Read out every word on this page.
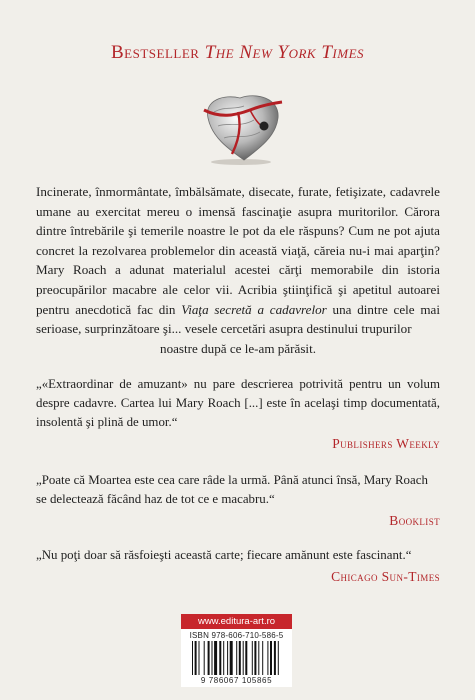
Bestseller The New York Times
Incinerate, înmormântate, îmbălsămate, disecate, furate, fetişizate, cadavrele umane au exercitat mereu o imensă fascinaţie asupra muritorilor. Cărora dintre întrebările şi temerile noastre le pot da ele răspuns? Cum ne pot ajuta concret la rezolvarea problemelor din această viaţă, căreia nu-i mai aparţin? Mary Roach a adunat materialul acestei cărţi memorabile din istoria preocupărilor macabre ale celor vii. Acribia ştiinţifică şi apetitul autoarei pentru anecdotică fac din Viaţa secretă a cadavrelor una dintre cele mai serioase, surprinzătoare şi... vesele cercetări asupra destinului trupurilor
noastre după ce le-am părăsit.
„«Extraordinar de amuzant» nu pare descrierea potrivită pentru un volum despre cadavre. Cartea lui Mary Roach [...] este în acelaşi timp documentată, insolentă şi plină de umor.“
Publishers Weekly
„Poate că Moartea este cea care râde la urmă. Până atunci însă, Mary Roach se delectează făcând haz de tot ce e macabru.“
Booklist
„Nu poţi doar să răsfoieşti această carte; fiecare amănunt este fascinant.“
Chicago Sun-Times
www.editura-art.ro
ISBN 978-606-710-586-5
9 786067 105865
